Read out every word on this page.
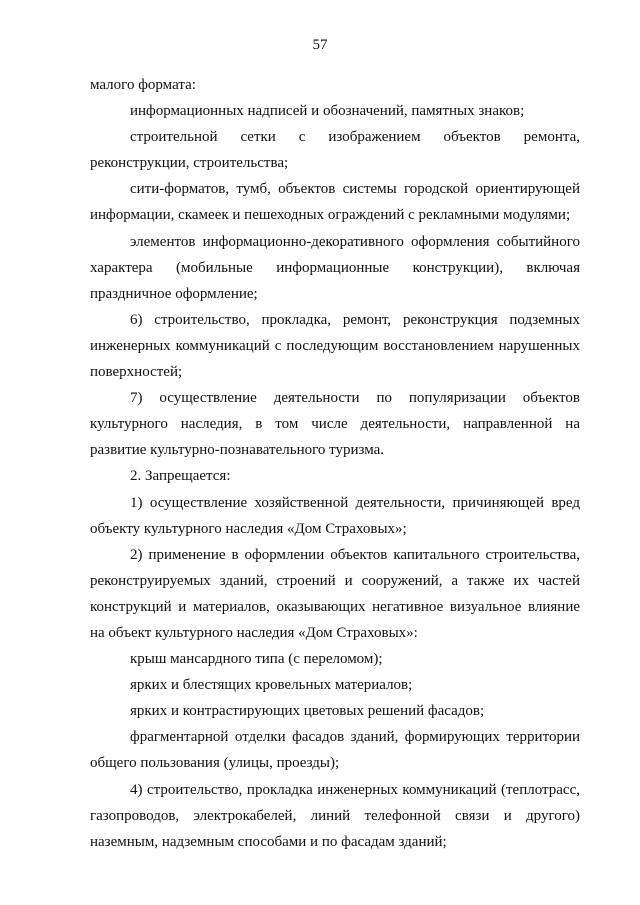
57
малого формата:
информационных надписей и обозначений, памятных знаков;
строительной сетки с изображением объектов ремонта,
реконструкции, строительства;
сити-форматов, тумб, объектов системы городской ориентирующей
информации, скамеек и пешеходных ограждений с рекламными модулями;
элементов информационно-декоративного оформления событийного
характера (мобильные информационные конструкции), включая
праздничное оформление;
6) строительство, прокладка, ремонт, реконструкция подземных
инженерных коммуникаций с последующим восстановлением нарушенных
поверхностей;
7) осуществление деятельности по популяризации объектов
культурного наследия, в том числе деятельности, направленной на
развитие культурно-познавательного туризма.
2. Запрещается:
1) осуществление хозяйственной деятельности, причиняющей вред
объекту культурного наследия «Дом Страховых»;
2) применение в оформлении объектов капитального строительства,
реконструируемых зданий, строений и сооружений, а также их частей
конструкций и материалов, оказывающих негативное визуальное влияние
на объект культурного наследия «Дом Страховых»:
крыш мансардного типа (с переломом);
ярких и блестящих кровельных материалов;
ярких и контрастирующих цветовых решений фасадов;
фрагментарной отделки фасадов зданий, формирующих территории
общего пользования (улицы, проезды);
4) строительство, прокладка инженерных коммуникаций (теплотрасс,
газопроводов, электрокабелей, линий телефонной связи и другого)
наземным, надземным способами и по фасадам зданий;
